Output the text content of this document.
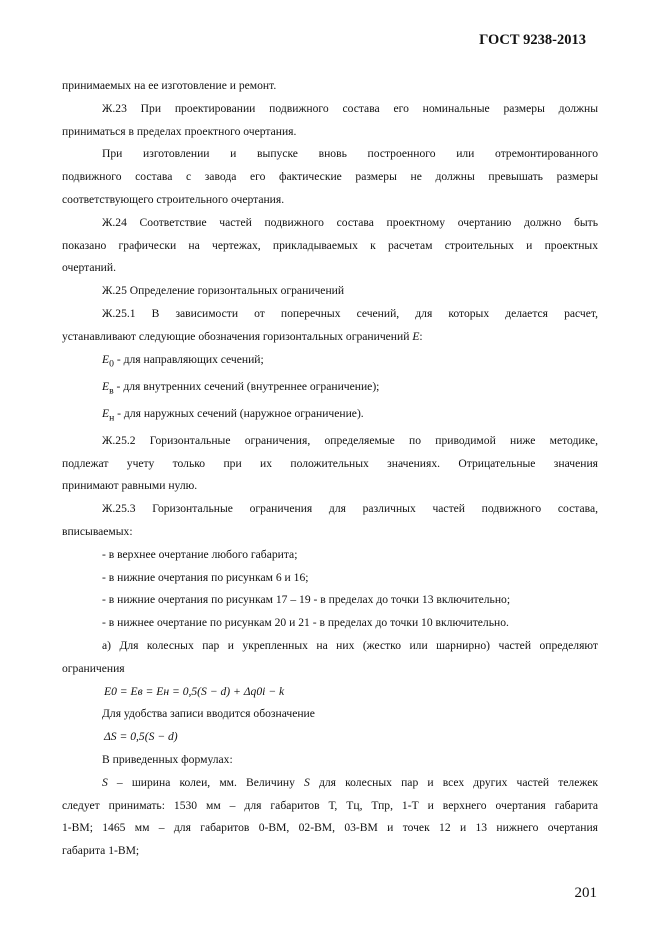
ГОСТ 9238-2013

принимаемых на ее изготовление и ремонт.

Ж.23 При проектировании подвижного состава его номинальные размеры должны

приниматься в пределах проектного очертания.

При изготовлении и выпуске вновь построенного или отремонтированного

подвижного состава с завода его фактические размеры не должны превышать размеры

соответствующего строительного очертания.

Ж.24 Соответствие частей подвижного состава проектному очертанию должно быть

показано графически на чертежах, прикладываемых к расчетам строительных и проектных

очертаний.

Ж.25 Определение горизонтальных ограничений

Ж.25.1 В зависимости от поперечных сечений, для которых делается расчет,

устанавливают следующие обозначения горизонтальных ограничений E:

$E_0$ - для направляющих сечений;

$E_в$ - для внутренних сечений (внутреннее ограничение);

$E_н$ - для наружных сечений (наружное ограничение).

Ж.25.2 Горизонтальные ограничения, определяемые по приводимой ниже методике,

подлежат учету только при их положительных значениях. Отрицательные значения

принимают равными нулю.

Ж.25.3 Горизонтальные ограничения для различных частей подвижного состава,

вписываемых:

- в верхнее очертание любого габарита;

- в нижние очертания по рисункам 6 и 16;

- в нижние очертания по рисункам 17 – 19 - в пределах до точки 13 включительно;

- в нижнее очертание по рисункам 20 и 21 - в пределах до точки 10 включительно.

а) Для колесных пар и укрепленных на них (жестко или шарнирно) частей определяют

ограничения

E0 = Eв = Eн = 0,5(S − d) + Δq0i − k

Для удобства записи вводится обозначение

ΔS = 0,5(S − d)

В приведенных формулах:

S – ширина колеи, мм. Величину S для колесных пар и всех других частей тележек

следует принимать: 1530 мм – для габаритов Т, Тц, Тпр, 1-Т и верхнего очертания габарита

1-ВМ; 1465 мм – для габаритов 0-ВМ, 02-ВМ, 03-ВМ и точек 12 и 13 нижнего очертания

габарита 1-ВМ;

201
